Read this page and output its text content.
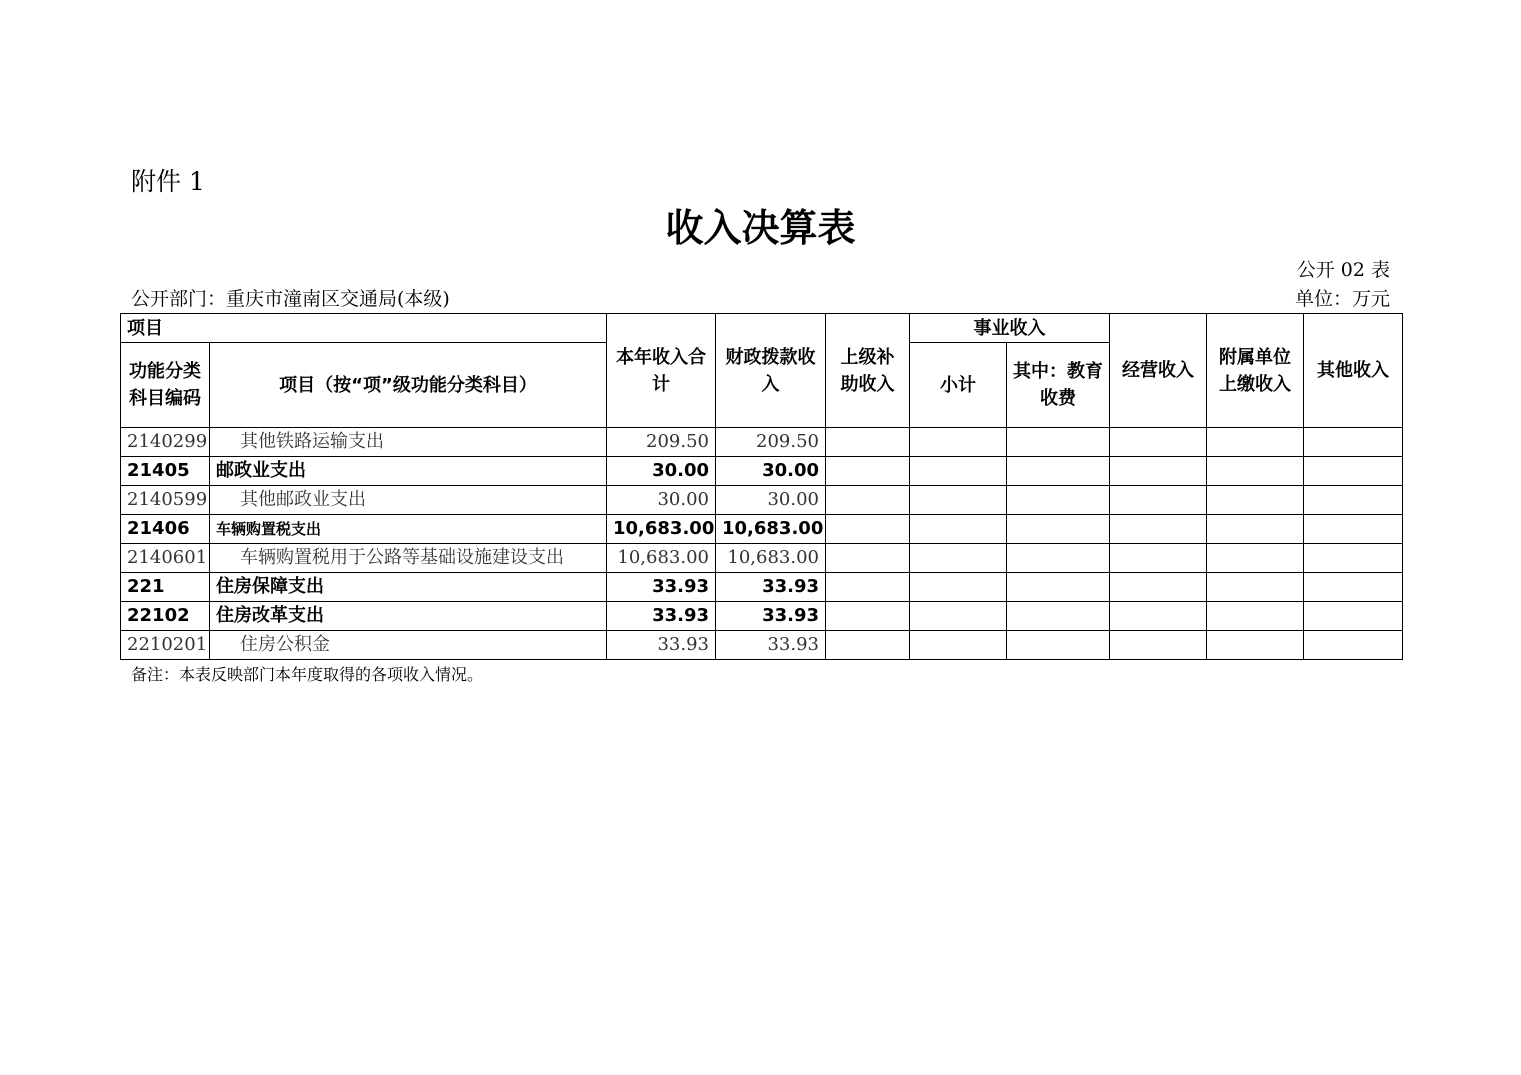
附件 1
收入决算表
公开 02 表
公开部门：重庆市潼南区交通局(本级)	单位：万元
项目		本年收入合计	财政拨款收入	上级补助收入	事业收入		经营收入	附属单位上缴收入	其他收入
功能分类科目编码	项目（按“项”级功能分类科目）				小计	其中：教育收费			
2140299	其他铁路运输支出	209.50	209.50						
21405	邮政业支出	30.00	30.00						
2140599	其他邮政业支出	30.00	30.00						
21406	车辆购置税支出	10,683.00	10,683.00						
2140601	车辆购置税用于公路等基础设施建设支出	10,683.00	10,683.00						
221	住房保障支出	33.93	33.93						
22102	住房改革支出	33.93	33.93						
2210201	住房公积金	33.93	33.93						
备注：本表反映部门本年度取得的各项收入情况。
